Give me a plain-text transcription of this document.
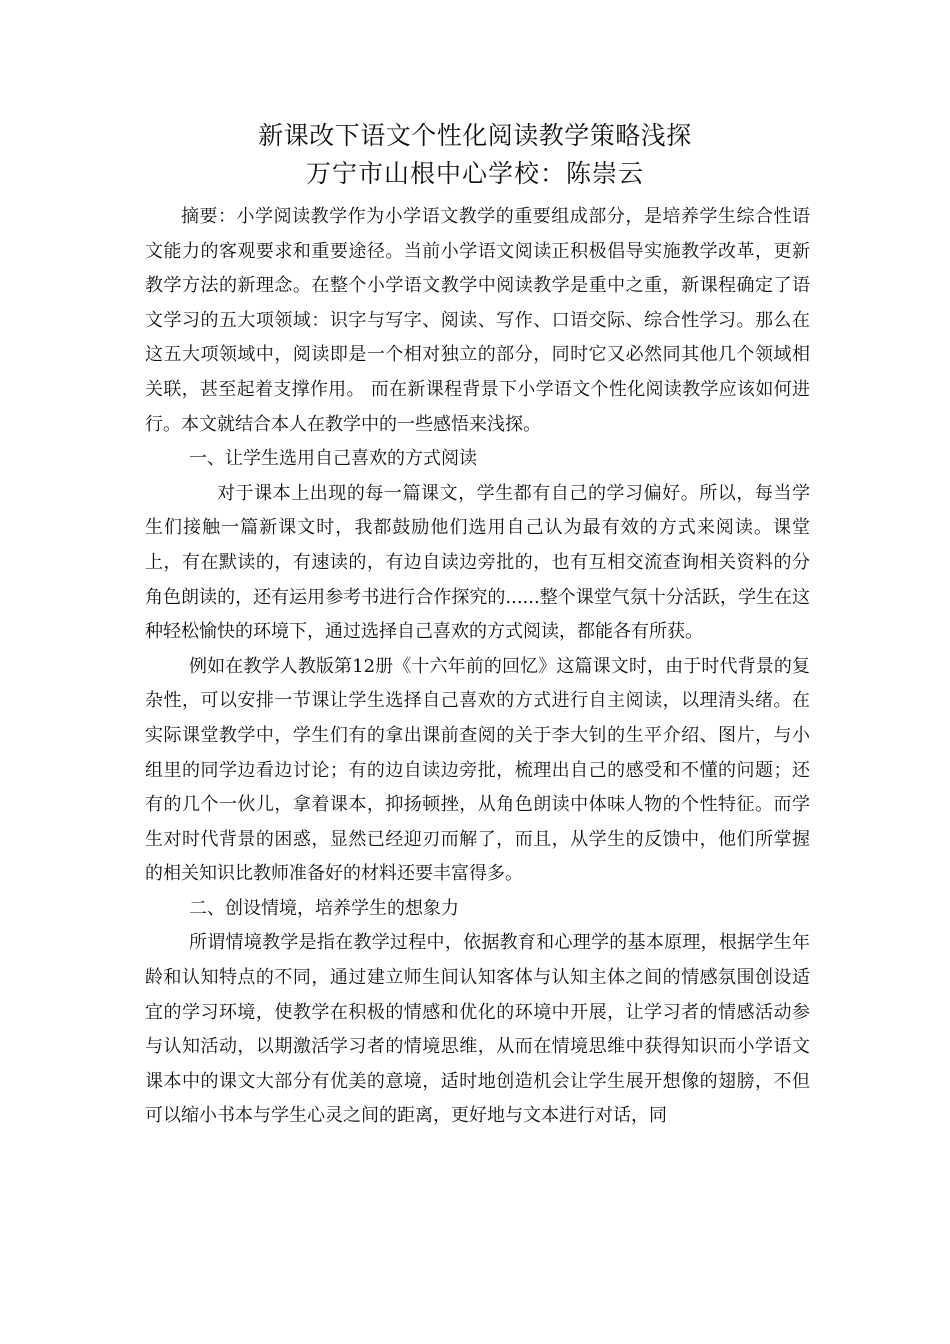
新课改下语文个性化阅读教学策略浅探
万宁市山根中心学校：陈崇云

摘要：小学阅读教学作为小学语文教学的重要组成部分，是培养学生综合性语文能力的客观要求和重要途径。当前小学语文阅读正积极倡导实施教学改革，更新教学方法的新理念。在整个小学语文教学中阅读教学是重中之重，新课程确定了语文学习的五大项领域：识字与写字、阅读、写作、口语交际、综合性学习。那么在这五大项领域中，阅读即是一个相对独立的部分，同时它又必然同其他几个领域相关联，甚至起着支撑作用。 而在新课程背景下小学语文个性化阅读教学应该如何进行。本文就结合本人在教学中的一些感悟来浅探。

一、让学生选用自己喜欢的方式阅读

对于课本上出现的每一篇课文，学生都有自己的学习偏好。所以，每当学生们接触一篇新课文时，我都鼓励他们选用自己认为最有效的方式来阅读。课堂上，有在默读的，有速读的，有边自读边旁批的，也有互相交流查询相关资料的分角色朗读的，还有运用参考书进行合作探究的......整个课堂气氛十分活跃，学生在这种轻松愉快的环境下，通过选择自己喜欢的方式阅读，都能各有所获。

例如在教学人教版第12册《十六年前的回忆》这篇课文时，由于时代背景的复杂性，可以安排一节课让学生选择自己喜欢的方式进行自主阅读，以理清头绪。在实际课堂教学中，学生们有的拿出课前查阅的关于李大钊的生平介绍、图片，与小组里的同学边看边讨论；有的边自读边旁批，梳理出自己的感受和不懂的问题；还有的几个一伙儿，拿着课本，抑扬顿挫，从角色朗读中体味人物的个性特征。而学生对时代背景的困惑，显然已经迎刃而解了，而且，从学生的反馈中，他们所掌握的相关知识比教师准备好的材料还要丰富得多。

二、创设情境，培养学生的想象力

所谓情境教学是指在教学过程中，依据教育和心理学的基本原理，根据学生年龄和认知特点的不同，通过建立师生间认知客体与认知主体之间的情感氛围创设适宜的学习环境，使教学在积极的情感和优化的环境中开展，让学习者的情感活动参与认知活动，以期激活学习者的情境思维，从而在情境思维中获得知识而小学语文课本中的课文大部分有优美的意境，适时地创造机会让学生展开想像的翅膀，不但可以缩小书本与学生心灵之间的距离，更好地与文本进行对话，同
